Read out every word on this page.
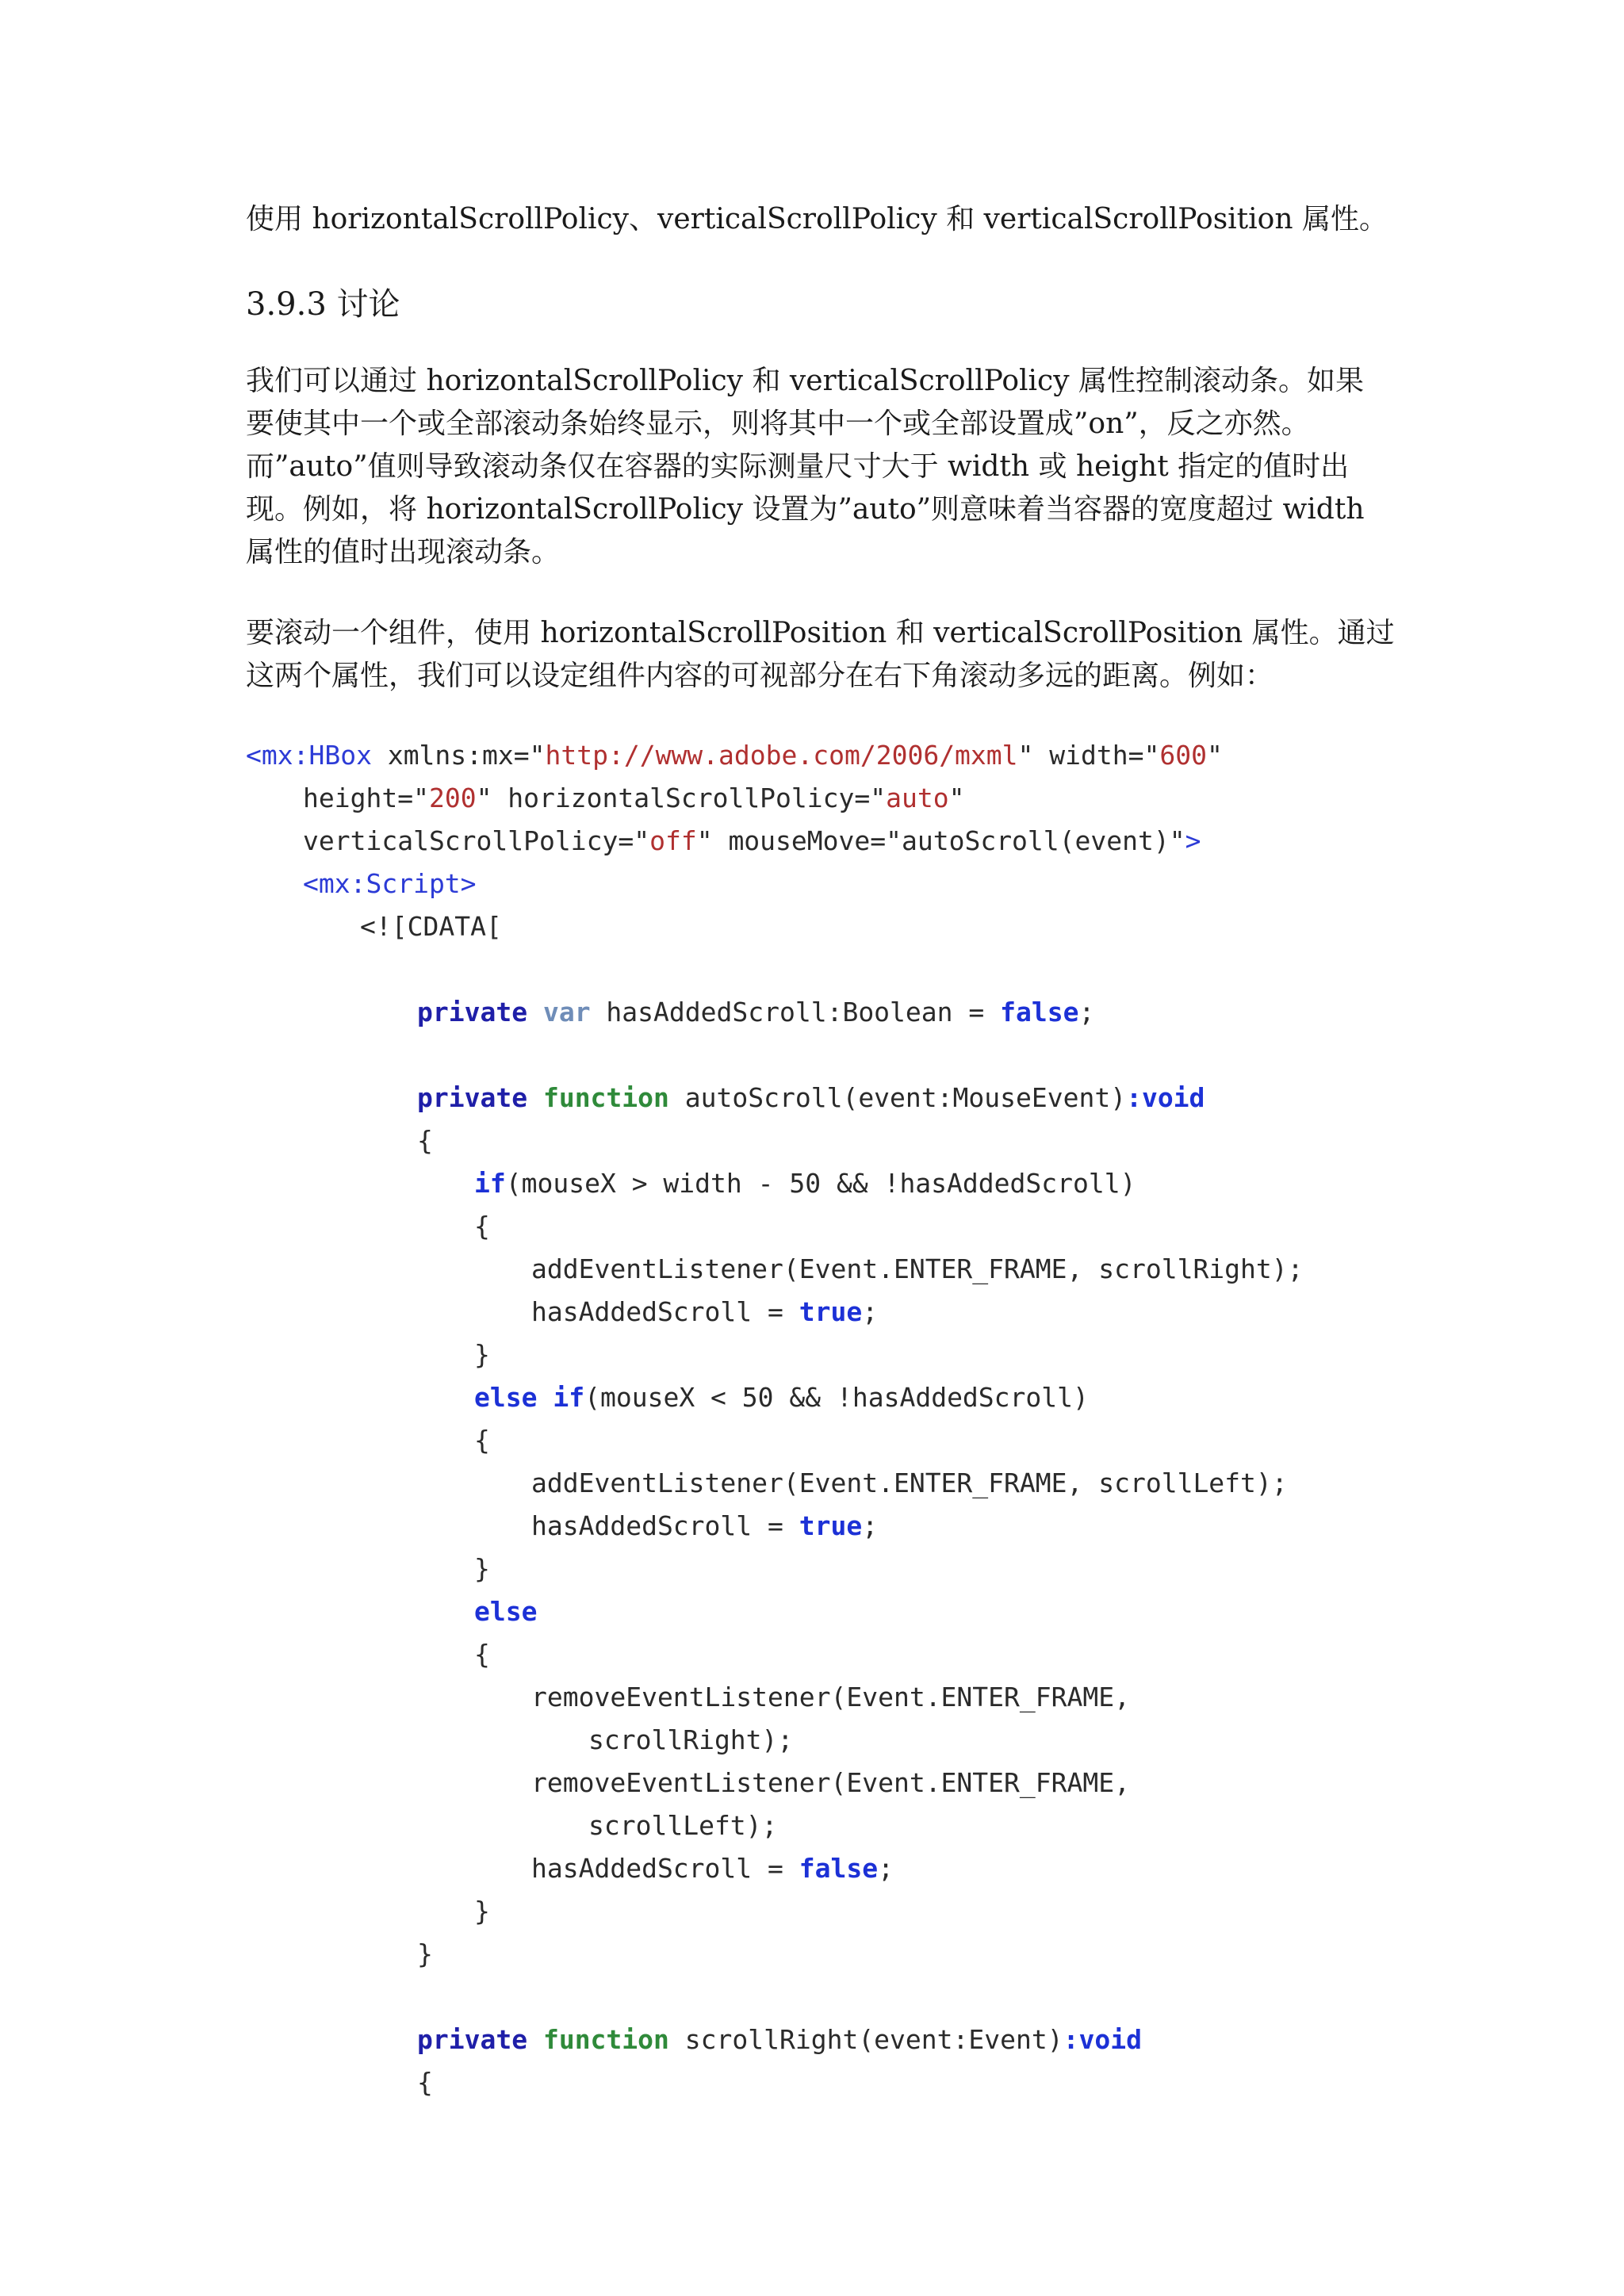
使用 horizontalScrollPolicy、verticalScrollPolicy 和 verticalScrollPosition 属性。
3.9.3 讨论
我们可以通过 horizontalScrollPolicy 和 verticalScrollPolicy 属性控制滚动条。如果
要使其中一个或全部滚动条始终显示，则将其中一个或全部设置成”on”，反之亦然。
而”auto”值则导致滚动条仅在容器的实际测量尺寸大于 width 或 height 指定的值时出
现。例如，将 horizontalScrollPolicy 设置为”auto”则意味着当容器的宽度超过 width
属性的值时出现滚动条。
要滚动一个组件，使用 horizontalScrollPosition 和 verticalScrollPosition 属性。通过
这两个属性，我们可以设定组件内容的可视部分在右下角滚动多远的距离。例如：
<mx:HBox xmlns:mx="http://www.adobe.com/2006/mxml" width="600"
height="200" horizontalScrollPolicy="auto"
verticalScrollPolicy="off" mouseMove="autoScroll(event)">
<mx:Script>
<![CDATA[
private var hasAddedScroll:Boolean = false;
private function autoScroll(event:MouseEvent):void
{
if(mouseX > width - 50 && !hasAddedScroll)
{
addEventListener(Event.ENTER_FRAME, scrollRight);
hasAddedScroll = true;
}
else if(mouseX < 50 && !hasAddedScroll)
{
addEventListener(Event.ENTER_FRAME, scrollLeft);
hasAddedScroll = true;
}
else
{
removeEventListener(Event.ENTER_FRAME,
scrollRight);
removeEventListener(Event.ENTER_FRAME,
scrollLeft);
hasAddedScroll = false;
}
}
private function scrollRight(event:Event):void
{
